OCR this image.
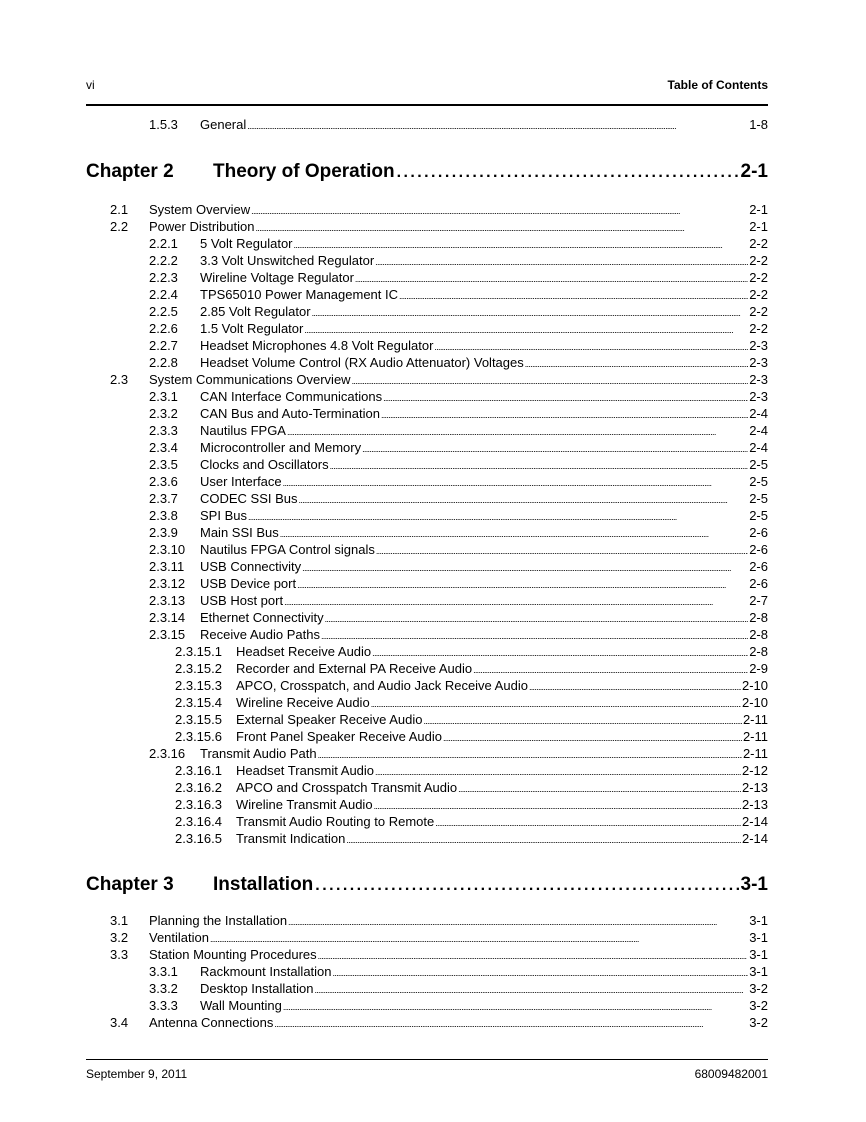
vi	Table of Contents
1.5.3	General . . .	1-8
Chapter 2	Theory of Operation . . .	2-1
2.1	System Overview . . .	2-1
2.2	Power Distribution . . .	2-1
2.2.1	5 Volt Regulator . . .	2-2
2.2.2	3.3 Volt Unswitched Regulator . . .	2-2
2.2.3	Wireline Voltage Regulator . . .	2-2
2.2.4	TPS65010 Power Management IC . . .	2-2
2.2.5	2.85 Volt Regulator . . .	2-2
2.2.6	1.5 Volt Regulator . . .	2-2
2.2.7	Headset Microphones 4.8 Volt Regulator . . .	2-3
2.2.8	Headset Volume Control (RX Audio Attenuator) Voltages . . .	2-3
2.3	System Communications Overview . . .	2-3
2.3.1	CAN Interface Communications . . .	2-3
2.3.2	CAN Bus and Auto-Termination . . .	2-4
2.3.3	Nautilus FPGA . . .	2-4
2.3.4	Microcontroller and Memory . . .	2-4
2.3.5	Clocks and Oscillators . . .	2-5
2.3.6	User Interface . . .	2-5
2.3.7	CODEC SSI Bus . . .	2-5
2.3.8	SPI Bus . . .	2-5
2.3.9	Main SSI Bus . . .	2-6
2.3.10	Nautilus FPGA Control signals . . .	2-6
2.3.11	USB Connectivity . . .	2-6
2.3.12	USB Device port . . .	2-6
2.3.13	USB Host port . . .	2-7
2.3.14	Ethernet Connectivity . . .	2-8
2.3.15	Receive Audio Paths . . .	2-8
2.3.15.1	Headset Receive Audio . . .	2-8
2.3.15.2	Recorder and External PA Receive Audio . . .	2-9
2.3.15.3	APCO, Crosspatch, and Audio Jack Receive Audio . . .	2-10
2.3.15.4	Wireline Receive Audio . . .	2-10
2.3.15.5	External Speaker Receive Audio . . .	2-11
2.3.15.6	Front Panel Speaker Receive Audio . . .	2-11
2.3.16	Transmit Audio Path . . .	2-11
2.3.16.1	Headset Transmit Audio . . .	2-12
2.3.16.2	APCO and Crosspatch Transmit Audio . . .	2-13
2.3.16.3	Wireline Transmit Audio . . .	2-13
2.3.16.4	Transmit Audio Routing to Remote . . .	2-14
2.3.16.5	Transmit Indication . . .	2-14
Chapter 3	Installation . . .	3-1
3.1	Planning the Installation . . .	3-1
3.2	Ventilation . . .	3-1
3.3	Station Mounting Procedures . . .	3-1
3.3.1	Rackmount Installation . . .	3-1
3.3.2	Desktop Installation . . .	3-2
3.3.3	Wall Mounting . . .	3-2
3.4	Antenna Connections . . .	3-2
September 9, 2011	68009482001
